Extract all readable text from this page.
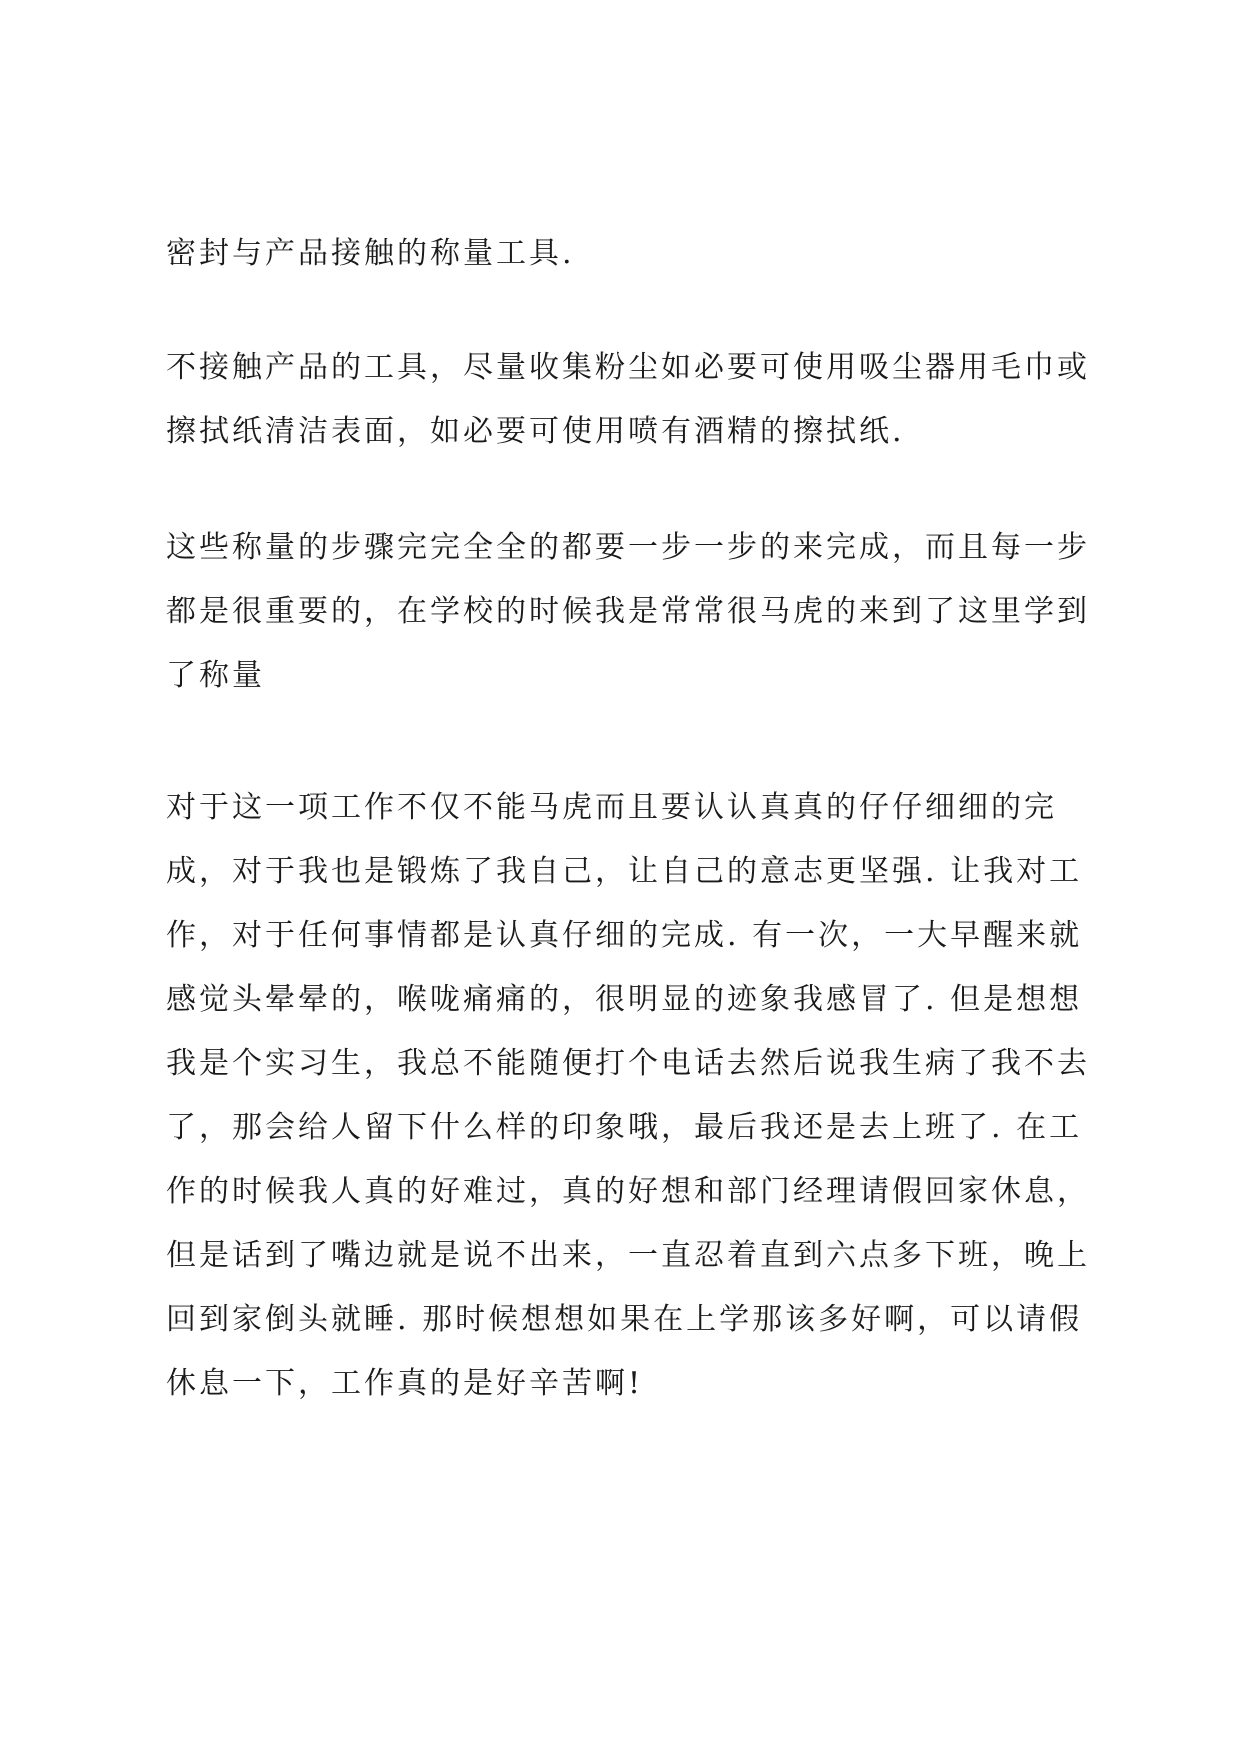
密封与产品接触的称量工具.

不接触产品的工具，尽量收集粉尘如必要可使用吸尘器用毛巾或
擦拭纸清洁表面，如必要可使用喷有酒精的擦拭纸.

这些称量的步骤完完全全的都要一步一步的来完成，而且每一步
都是很重要的，在学校的时候我是常常很马虎的来到了这里学到
了称量

对于这一项工作不仅不能马虎而且要认认真真的仔仔细细的完
成，对于我也是锻炼了我自己，让自己的意志更坚强. 让我对工
作，对于任何事情都是认真仔细的完成. 有一次，一大早醒来就
感觉头晕晕的，喉咙痛痛的，很明显的迹象我感冒了. 但是想想
我是个实习生，我总不能随便打个电话去然后说我生病了我不去
了，那会给人留下什么样的印象哦，最后我还是去上班了. 在工
作的时候我人真的好难过，真的好想和部门经理请假回家休息，
但是话到了嘴边就是说不出来，一直忍着直到六点多下班，晚上
回到家倒头就睡. 那时候想想如果在上学那该多好啊，可以请假
休息一下，工作真的是好辛苦啊!
